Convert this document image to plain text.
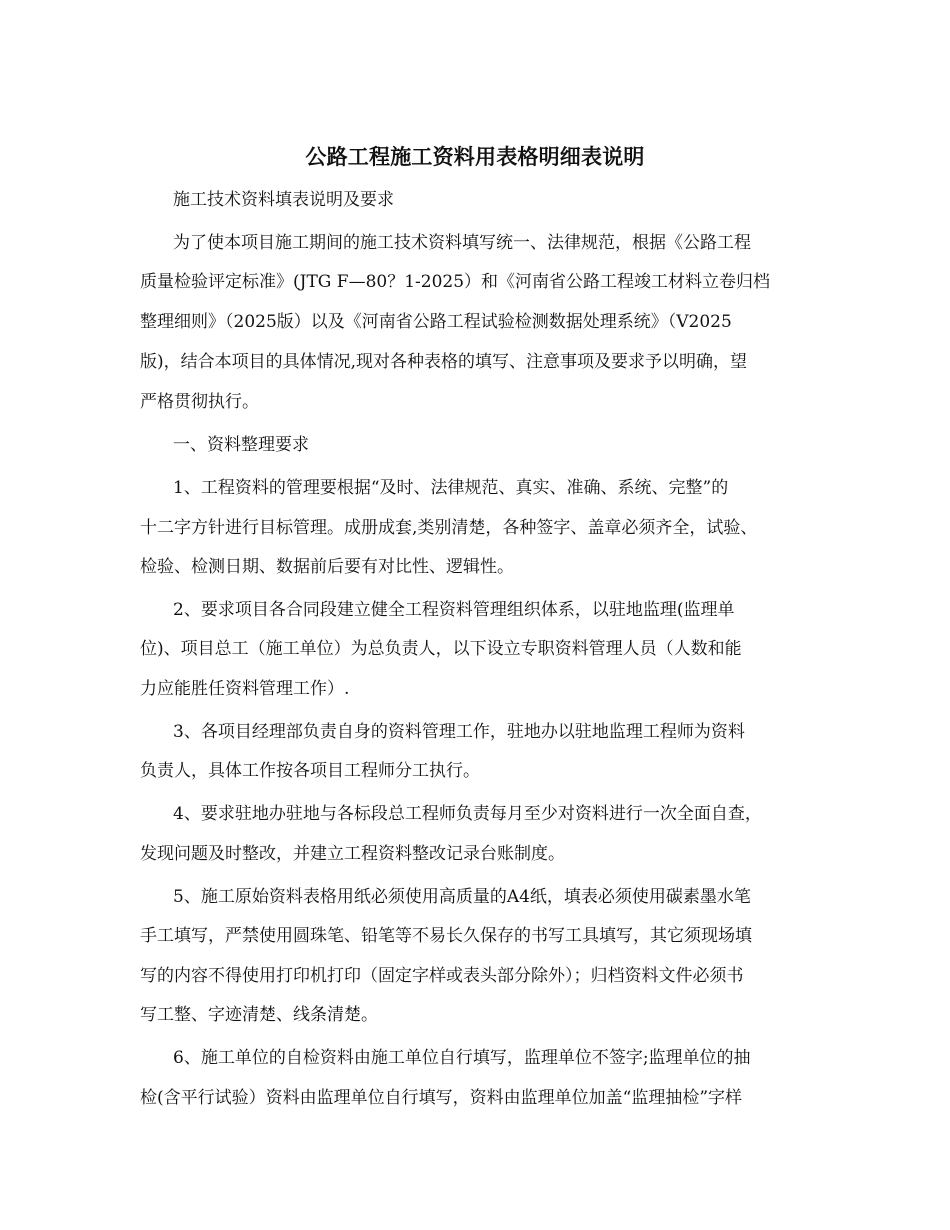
公路工程施工资料用表格明细表说明
施工技术资料填表说明及要求
为了使本项目施工期间的施工技术资料填写统一、法律规范，根据《公路工程
质量检验评定标准》(JTG F—80？1-2025）和《河南省公路工程竣工材料立卷归档
整理细则》（2025版）以及《河南省公路工程试验检测数据处理系统》（V2025
版)，结合本项目的具体情况,现对各种表格的填写、注意事项及要求予以明确，望
严格贯彻执行。
一、资料整理要求
1、工程资料的管理要根据“及时、法律规范、真实、准确、系统、完整”的
十二字方针进行目标管理。成册成套,类别清楚，各种签字、盖章必须齐全，试验、
检验、检测日期、数据前后要有对比性、逻辑性。
2、要求项目各合同段建立健全工程资料管理组织体系，以驻地监理(监理单
位)、项目总工（施工单位）为总负责人，以下设立专职资料管理人员（人数和能
力应能胜任资料管理工作）.
3、各项目经理部负责自身的资料管理工作，驻地办以驻地监理工程师为资料
负责人，具体工作按各项目工程师分工执行。
4、要求驻地办驻地与各标段总工程师负责每月至少对资料进行一次全面自查，
发现问题及时整改，并建立工程资料整改记录台账制度。
5、施工原始资料表格用纸必须使用高质量的A4纸，填表必须使用碳素墨水笔
手工填写，严禁使用圆珠笔、铅笔等不易长久保存的书写工具填写，其它须现场填
写的内容不得使用打印机打印（固定字样或表头部分除外）；归档资料文件必须书
写工整、字迹清楚、线条清楚。
6、施工单位的自检资料由施工单位自行填写，监理单位不签字;监理单位的抽
检(含平行试验）资料由监理单位自行填写，资料由监理单位加盖“监理抽检”字样
